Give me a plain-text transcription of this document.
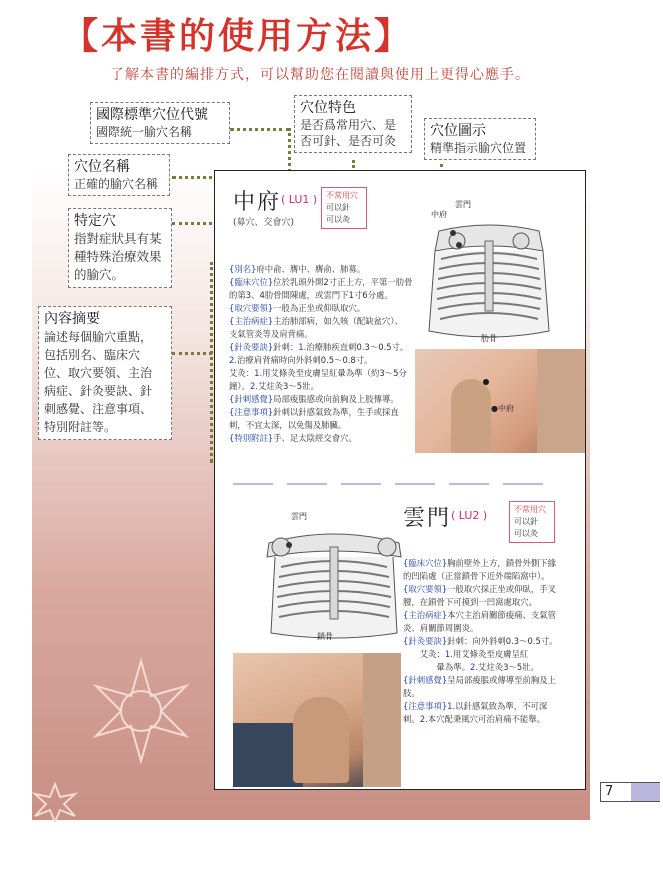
【本書的使用方法】
了解本書的編排方式，可以幫助您在閱讀與使用上更得心應手。
國際標準穴位代號
國際統一腧穴名稱
穴位特色
是否爲常用穴、是
否可針、是否可灸
穴位圖示
精準指示腧穴位置
穴位名稱
正確的腧穴名稱
特定穴
指對症狀具有某
種特殊治療效果
的腧穴。
內容摘要
論述每個腧穴重點，
包括別名、臨床穴
位、取穴要領、主治
病症、針灸要訣、針
刺感覺、注意事項、
特別附註等。
中府 ( LU1 )
(募穴、交會穴)
不常用穴
可以針
可以灸
{別名}府中俞、膺中、膺俞、肺募。
{臨床穴位}位於乳頭外開2寸正上方，平第一肋骨
的第3、4肋骨間陳處，或雲門下1寸6分處。
{取穴要領}一般為正坐或仰臥取穴。
{主治病症}主治肺部病，如久咳（配缺盆穴）、
支氣管炎等及肩背痛。
{針灸要訣}針刺：1.治療肺疾直刺0.3～0.5寸。
2.治療肩背痛時向外斜刺0.5～0.8寸。
艾灸：1.用艾條灸至皮膚呈紅暈為準（約3～5分
鐘）。2.艾炷灸3～5壯。
{針刺感覺}局部痠脹感或向前胸及上肢傳導。
{注意事項}針刺以針感氣致為準，生手或採直
刺，不宜太深，以免傷及肺臟。
{特別附註}手、足太陰經交會穴。
中府
雲門
肋骨
●中府
雲門 ( LU2 )	不常用穴
可以針
可以灸
雲門
鎖骨
{臨床穴位}胸前壁外上方，鎖骨外側下緣
的凹陷處（正當鎖骨下近外端陷窩中）。
{取穴要領}一般取穴採正坐或仰臥，手叉
腰，在鎖骨下可摸到一凹窩處取穴。
{主治病症}本穴主治肩關節痠痛、支氣管
炎、肩關節周圍炎。
{針灸要訣}針刺：向外斜刺0.3～0.5寸。
　　艾灸：1.用艾條灸至皮膚呈紅
　　　　暈為準。2.艾炷灸3～5壯。
{針刺感覺}呈局部痠脹或傳導至前胸及上
肢。
{注意事項}1.以針感氣致為準，不可深
刺。2.本穴配秉風穴可治肩痛不能舉。
7
